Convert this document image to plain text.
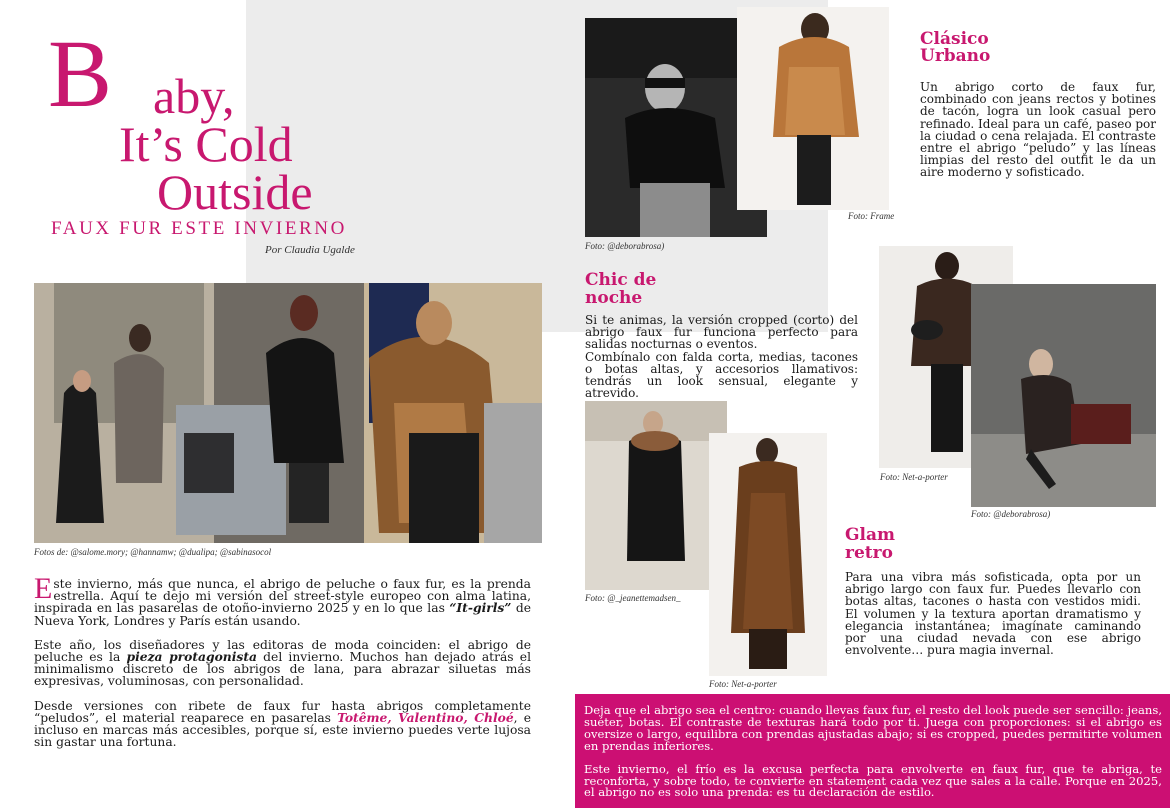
B aby,
It’s Cold
Outside
FAUX FUR ESTE INVIERNO
Por Claudia Ugalde
Fotos de: @salome.mory; @hannamw; @dualipa; @sabinasocol

Este invierno, más que nunca, el abrigo de peluche o faux fur, es la prenda estrella. Aquí te dejo mi versión del street-style europeo con alma latina, inspirada en las pasarelas de otoño-invierno 2025 y en lo que las “It-girls” de Nueva York, Londres y París están usando.

Este año, los diseñadores y las editoras de moda coinciden: el abrigo de peluche es la pieza protagonista del invierno. Muchos han dejado atrás el minimalismo discreto de los abrigos de lana, para abrazar siluetas más expresivas, voluminosas, con personalidad.

Desde versiones con ribete de faux fur hasta abrigos completamente “peludos”, el material reaparece en pasarelas Totême, Valentino, Chloé, e incluso en marcas más accesibles, porque sí, este invierno puedes verte lujosa sin gastar una fortuna.

Foto: Frame
Foto: @deborabrosa)
Clásico
Urbano
Un abrigo corto de faux fur, combinado con jeans rectos y botines de tacón, logra un look casual pero refinado. Ideal para un café, paseo por la ciudad o cena relajada. El contraste entre el abrigo “peludo” y las líneas limpias del resto del outfit le da un aire moderno y sofisticado.
Chic de
noche

Si te animas, la versión cropped (corto) del abrigo faux fur funciona perfecto para salidas nocturnas o eventos.

Combínalo con falda corta, medias, tacones o botas altas, y accesorios llamativos: tendrás un look sensual, elegante y atrevido.

Foto: Net-a-porter
Foto: @deborabrosa)
Foto: @_jeanettemadsen_
Foto: Net-a-porter
Glam
retro
Para una vibra más sofisticada, opta por un abrigo largo con faux fur. Puedes llevarlo con botas altas, tacones o hasta con vestidos midi. El volumen y la textura aportan dramatismo y elegancia instantánea; imagínate caminando por una ciudad nevada con ese abrigo envolvente… pura magia invernal.

Deja que el abrigo sea el centro: cuando llevas faux fur, el resto del look puede ser sencillo: jeans, suéter, botas. El contraste de texturas hará todo por ti. Juega con proporciones: si el abrigo es oversize o largo, equilibra con prendas ajustadas abajo; si es cropped, puedes permitirte volumen en prendas inferiores.

Este invierno, el frío es la excusa perfecta para envolverte en faux fur, que te abriga, te reconforta, y sobre todo, te convierte en statement cada vez que sales a la calle. Porque en 2025, el abrigo no es solo una prenda: es tu declaración de estilo.
